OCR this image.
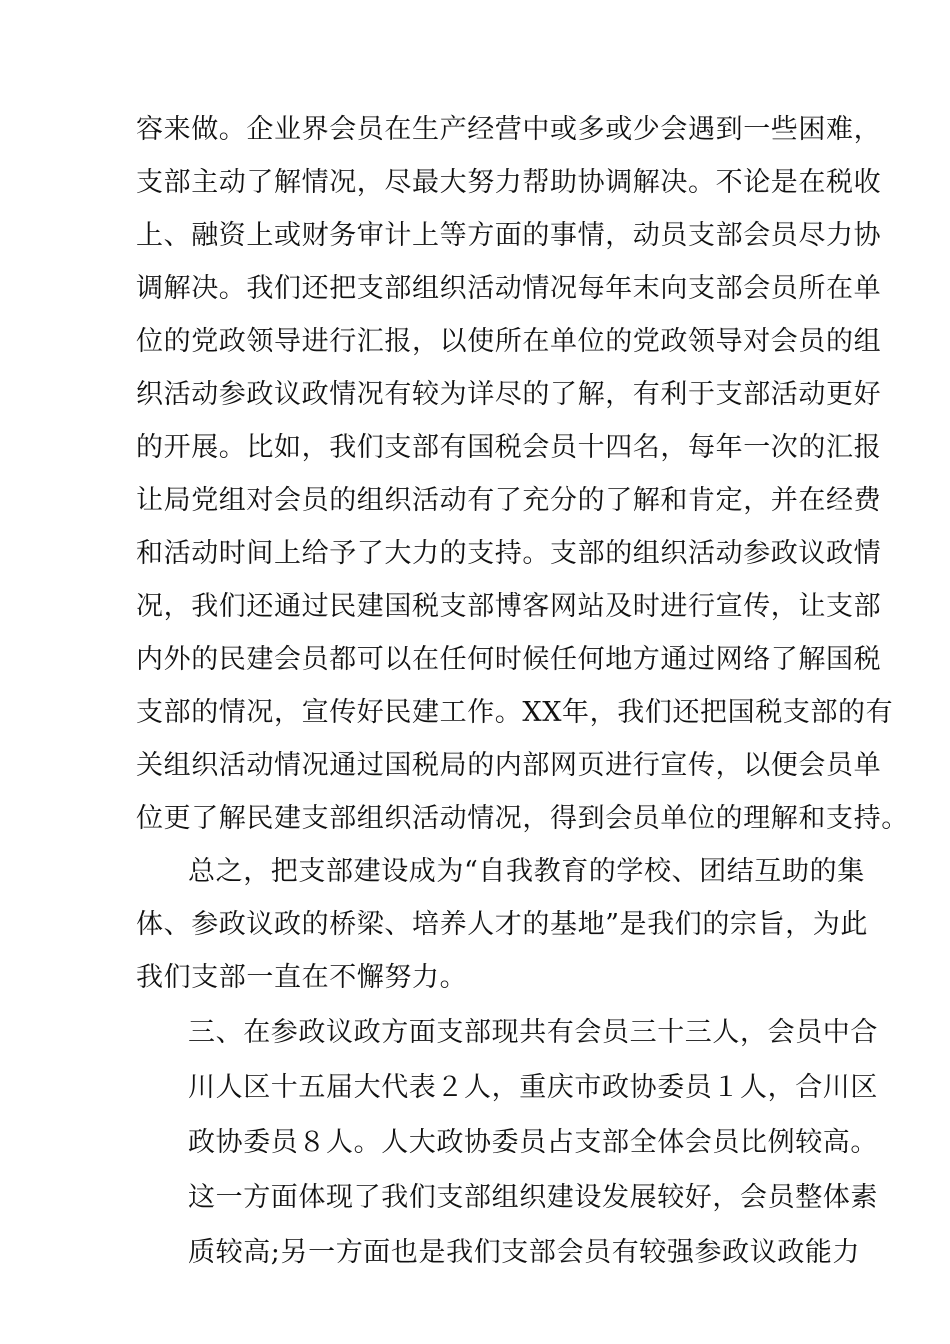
容来做。企业界会员在生产经营中或多或少会遇到一些困难，
支部主动了解情况，尽最大努力帮助协调解决。不论是在税收
上、融资上或财务审计上等方面的事情，动员支部会员尽力协
调解决。我们还把支部组织活动情况每年末向支部会员所在单
位的党政领导进行汇报，以使所在单位的党政领导对会员的组
织活动参政议政情况有较为详尽的了解，有利于支部活动更好
的开展。比如，我们支部有国税会员十四名，每年一次的汇报
让局党组对会员的组织活动有了充分的了解和肯定，并在经费
和活动时间上给予了大力的支持。支部的组织活动参政议政情
况，我们还通过民建国税支部博客网站及时进行宣传，让支部
内外的民建会员都可以在任何时候任何地方通过网络了解国税
支部的情况，宣传好民建工作。XX年，我们还把国税支部的有
关组织活动情况通过国税局的内部网页进行宣传，以便会员单
位更了解民建支部组织活动情况，得到会员单位的理解和支持。
总之，把支部建设成为“自我教育的学校、团结互助的集
体、参政议政的桥梁、培养人才的基地”是我们的宗旨，为此
我们支部一直在不懈努力。
三、在参政议政方面支部现共有会员三十三人，会员中合
川人区十五届大代表２人，重庆市政协委员１人，合川区
政协委员８人。人大政协委员占支部全体会员比例较高。
这一方面体现了我们支部组织建设发展较好，会员整体素
质较高;另一方面也是我们支部会员有较强参政议政能力
